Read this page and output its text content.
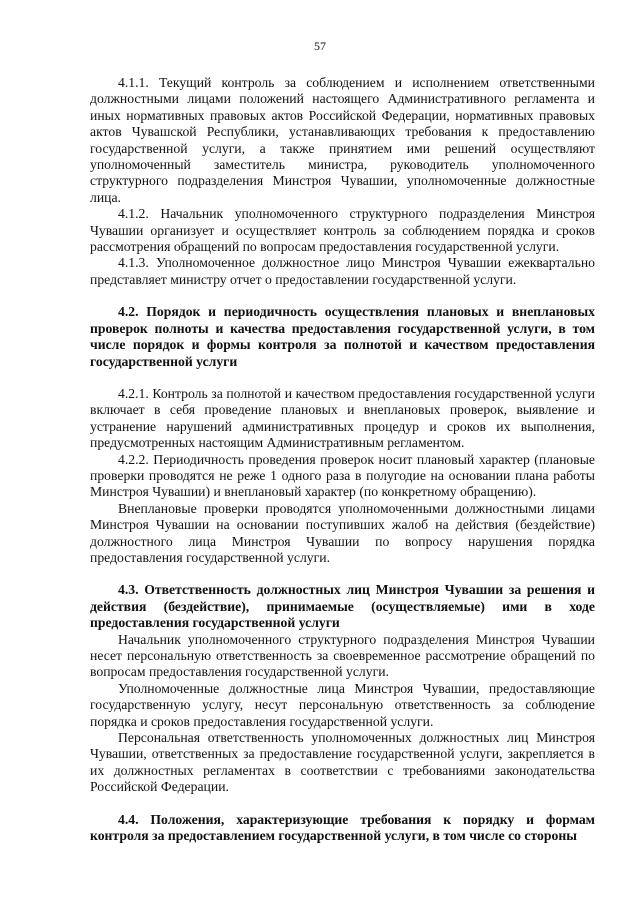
57

4.1.1. Текущий контроль за соблюдением и исполнением ответственными должностными лицами положений настоящего Административного регламента и иных нормативных правовых актов Российской Федерации, нормативных правовых актов Чувашской Республики, устанавливающих требования к предоставлению государственной услуги, а также принятием ими решений осуществляют уполномоченный заместитель министра, руководитель уполномоченного структурного подразделения Минстроя Чувашии, уполномоченные должностные лица.

4.1.2. Начальник уполномоченного структурного подразделения Минстроя Чувашии организует и осуществляет контроль за соблюдением порядка и сроков рассмотрения обращений по вопросам предоставления государственной услуги.

4.1.3. Уполномоченное должностное лицо Минстроя Чувашии ежеквартально представляет министру отчет о предоставлении государственной услуги.

4.2. Порядок и периодичность осуществления плановых и внеплановых проверок полноты и качества предоставления государственной услуги, в том числе порядок и формы контроля за полнотой и качеством предоставления государственной услуги

4.2.1. Контроль за полнотой и качеством предоставления государственной услуги включает в себя проведение плановых и внеплановых проверок, выявление и устранение нарушений административных процедур и сроков их выполнения, предусмотренных настоящим Административным регламентом.

4.2.2. Периодичность проведения проверок носит плановый характер (плановые проверки проводятся не реже 1 одного раза в полугодие на основании плана работы Минстроя Чувашии) и внеплановый характер (по конкретному обращению).

Внеплановые проверки проводятся уполномоченными должностными лицами Минстроя Чувашии на основании поступивших жалоб на действия (бездействие) должностного лица Минстроя Чувашии по вопросу нарушения порядка предоставления государственной услуги.

4.3. Ответственность должностных лиц Минстроя Чувашии за решения и действия (бездействие), принимаемые (осуществляемые) ими в ходе предоставления государственной услуги

Начальник уполномоченного структурного подразделения Минстроя Чувашии несет персональную ответственность за своевременное рассмотрение обращений по вопросам предоставления государственной услуги.

Уполномоченные должностные лица Минстроя Чувашии, предоставляющие государственную услугу, несут персональную ответственность за соблюдение порядка и сроков предоставления государственной услуги.

Персональная ответственность уполномоченных должностных лиц Минстроя Чувашии, ответственных за предоставление государственной услуги, закрепляется в их должностных регламентах в соответствии с требованиями законодательства Российской Федерации.

4.4. Положения, характеризующие требования к порядку и формам контроля за предоставлением государственной услуги, в том числе со стороны
